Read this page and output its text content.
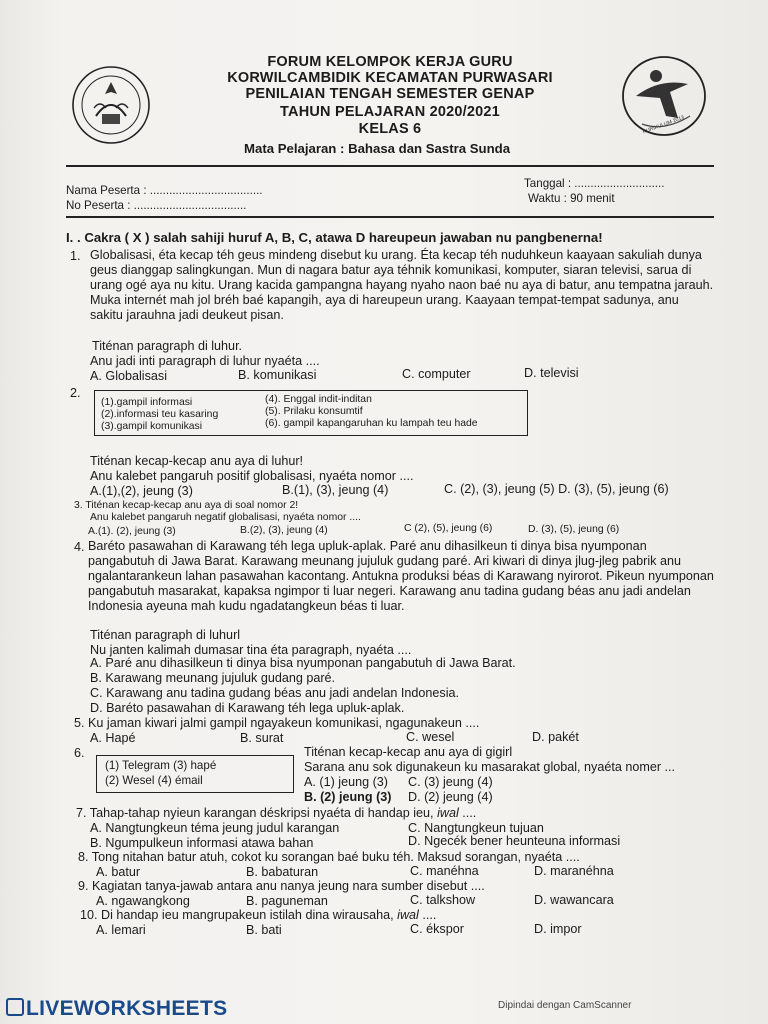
KURIKULUM 2013
FORUM KELOMPOK KERJA GURU
KORWILCAMBIDIK KECAMATAN PURWASARI
PENILAIAN TENGAH SEMESTER GENAP
TAHUN PELAJARAN 2020/2021
KELAS 6
Mata Pelajaran : Bahasa dan Sastra Sunda
Nama Peserta : ...................................
No Peserta : ...................................
Tanggal : ............................
Waktu : 90 menit
I. . Cakra ( X ) salah sahiji huruf A, B, C, atawa D hareupeun jawaban nu pangbenerna!
1. Globalisasi, éta kecap téh geus mindeng disebut ku urang. Éta kecap téh nuduhkeun kaayaan sakuliah dunya geus dianggap salingkungan. Mun di nagara batur aya téhnik komunikasi, komputer, siaran televisi, sarua di urang ogé aya nu kitu. Urang kacida gampangna hayang nyaho naon baé nu aya di batur, anu tempatna jarauh. Muka internét mah jol bréh baé kapangih, aya di hareupeun urang. Kaayaan tempat-tempat sadunya, anu sakitu jarauhna jadi deukeut pisan.
Titénan paragraph di luhur.
Anu jadi inti paragraph di luhur nyaéta ....
A. Globalisasi	B. komunikasi	C. computer	D. televisi
2.
(1).gampil informasi
(2).informasi teu kasaring
(3).gampil komunikasi
(4). Enggal indit-inditan
(5). Prilaku konsumtif
(6). gampil kapangaruhan ku lampah teu hade
Titénan kecap-kecap anu aya di luhur!
Anu kalebet pangaruh positif globalisasi, nyaéta nomor ....
A.(1),(2), jeung (3)	B.(1), (3), jeung (4)	C. (2), (3), jeung (5) D. (3), (5), jeung (6)
3. Titénan kecap-kecap anu aya di soal nomor 2!
Anu kalebet pangaruh negatif globalisasi, nyaéta nomor ....
A.(1). (2), jeung (3)	B.(2), (3), jeung (4)	C (2), (5), jeung (6)	D. (3), (5), jeung (6)
4. Baréto pasawahan di Karawang téh lega upluk-aplak. Paré anu dihasilkeun ti dinya bisa nyumponan pangabutuh di Jawa Barat. Karawang meunang jujuluk gudang paré. Ari kiwari di dinya jlug-jleg pabrik anu ngalantarankeun lahan pasawahan kacontang. Antukna produksi béas di Karawang nyirorot. Pikeun nyumponan pangabutuh masarakat, kapaksa ngimpor ti luar negeri. Karawang anu tadina gudang béas anu jadi andelan Indonesia ayeuna mah kudu ngadatangkeun béas ti luar.
Titénan paragraph di luhurl
Nu janten kalimah dumasar tina éta paragraph, nyaéta ....
A. Paré anu dihasilkeun ti dinya bisa nyumponan pangabutuh di Jawa Barat.
B. Karawang meunang jujuluk gudang paré.
C. Karawang anu tadina gudang béas anu jadi andelan Indonesia.
D. Baréto pasawahan di Karawang téh lega upluk-aplak.
5. Ku jaman kiwari jalmi gampil ngayakeun komunikasi, ngagunakeun ....
A. Hapé	B. surat	C. wesel	D. pakét
6.
(1) Telegram (3) hapé
(2) Wesel (4) émail
Titénan kecap-kecap anu aya di gigirl
Sarana anu sok digunakeun ku masarakat global, nyaéta nomer ...
A. (1) jeung (3) C. (3) jeung (4)
B. (2) jeung (3) D. (2) jeung (4)
7. Tahap-tahap nyieun karangan déskripsi nyaéta di handap ieu, iwal ....
A. Nangtungkeun téma jeung judul karangan	C. Nangtungkeun tujuan
B. Ngumpulkeun informasi atawa bahan	D. Ngecék bener heunteuna informasi
8. Tong nitahan batur atuh, cokot ku sorangan baé buku téh. Maksud sorangan, nyaéta ....
A. batur	B. babaturan	C. manéhna	D. maranéhna
9. Kagiatan tanya-jawab antara anu nanya jeung nara sumber disebut ....
A. ngawangkong	B. paguneman	C. talkshow	D. wawancara
10. Di handap ieu mangrupakeun istilah dina wirausaha, iwal ....
A. lemari	B. bati	C. ékspor	D. impor
LIVEWORKSHEETS	Dipindai dengan CamScanner
